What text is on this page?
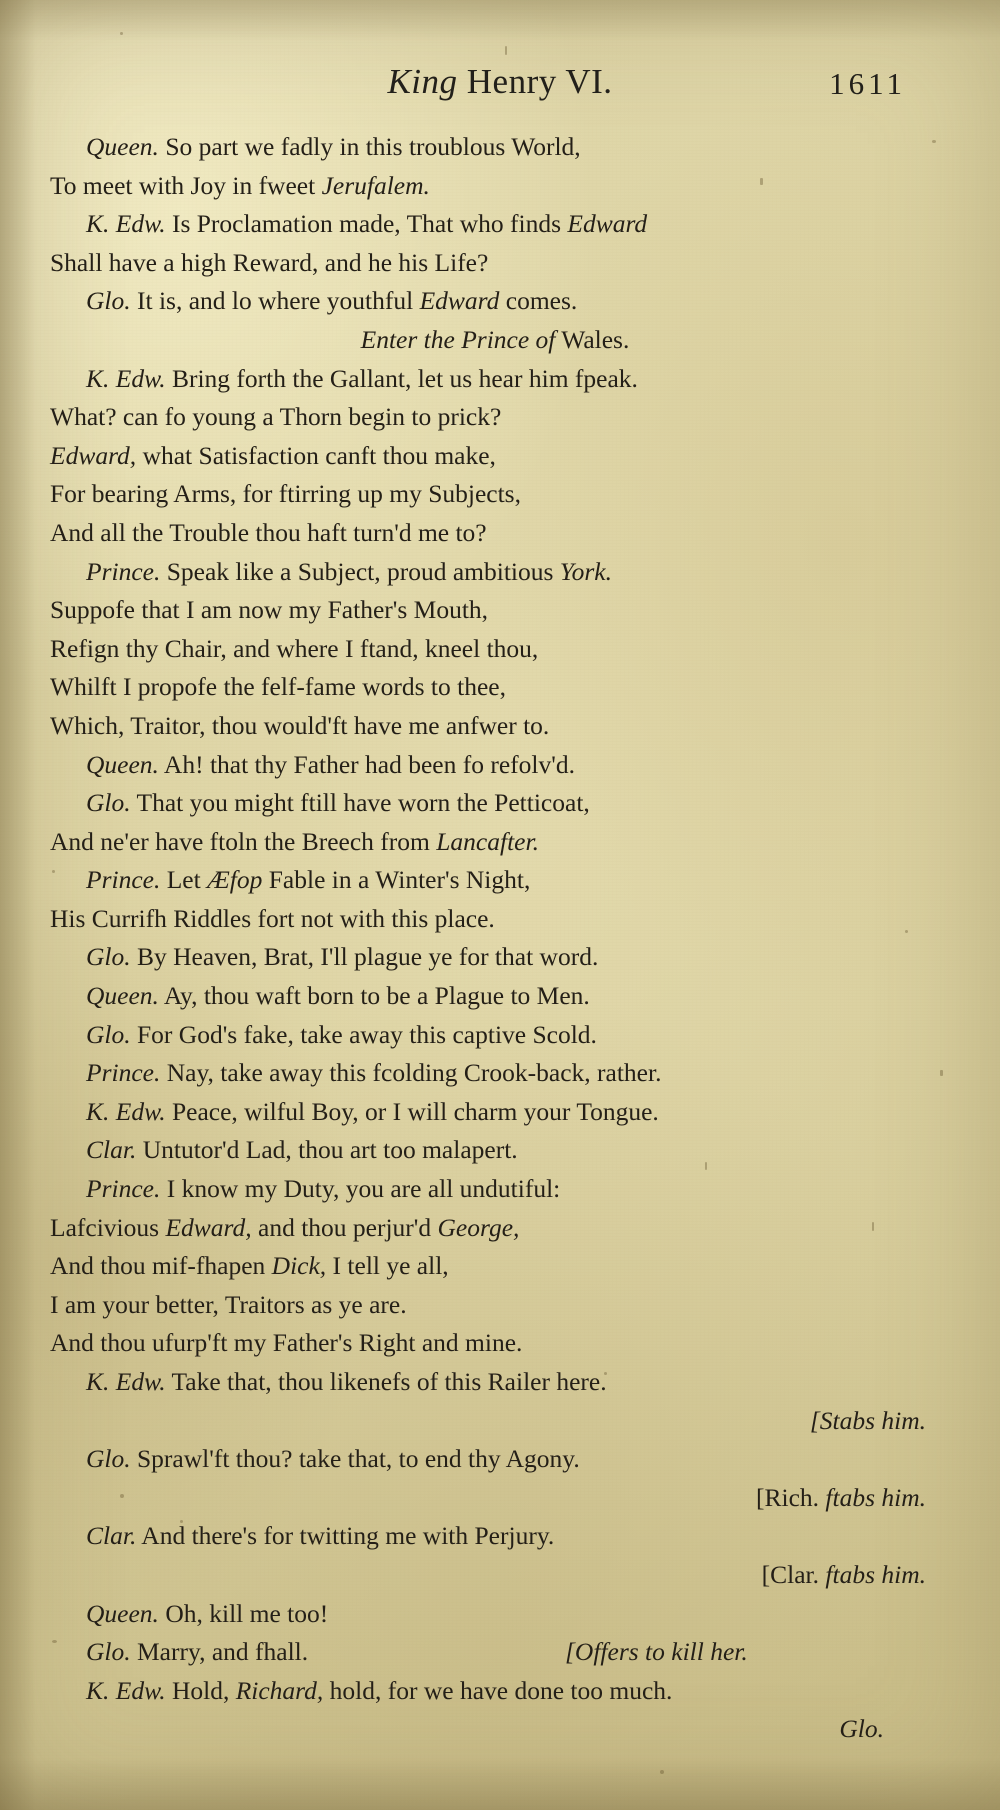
King Henry VI.	1611
Queen. So part we fadly in this troublous World,
To meet with Joy in fweet Jerufalem.
K. Edw. Is Proclamation made, That who finds Edward
Shall have a high Reward, and he his Life?
Glo. It is, and lo where youthful Edward comes.
Enter the Prince of Wales.
K. Edw. Bring forth the Gallant, let us hear him fpeak.
What? can fo young a Thorn begin to prick?
Edward, what Satisfaction canft thou make,
For bearing Arms, for ftirring up my Subjects,
And all the Trouble thou haft turn'd me to?
Prince. Speak like a Subject, proud ambitious York.
Suppofe that I am now my Father's Mouth,
Refign thy Chair, and where I ftand, kneel thou,
Whilft I propofe the felf-fame words to thee,
Which, Traitor, thou would'ft have me anfwer to.
Queen. Ah! that thy Father had been fo refolv'd.
Glo. That you might ftill have worn the Petticoat,
And ne'er have ftoln the Breech from Lancafter.
Prince. Let Æfop Fable in a Winter's Night,
His Currifh Riddles fort not with this place.
Glo. By Heaven, Brat, I'll plague ye for that word.
Queen. Ay, thou waft born to be a Plague to Men.
Glo. For God's fake, take away this captive Scold.
Prince. Nay, take away this fcolding Crook-back, rather.
K. Edw. Peace, wilful Boy, or I will charm your Tongue.
Clar. Untutor'd Lad, thou art too malapert.
Prince. I know my Duty, you are all undutiful:
Lafcivious Edward, and thou perjur'd George,
And thou mif-fhapen Dick, I tell ye all,
I am your better, Traitors as ye are.
And thou ufurp'ft my Father's Right and mine.
K. Edw. Take that, thou likenefs of this Railer here.
[Stabs him.
Glo. Sprawl'ft thou? take that, to end thy Agony.
[Rich. ftabs him.
Clar. And there's for twitting me with Perjury.
[Clar. ftabs him.
Queen. Oh, kill me too!
Glo. Marry, and fhall.	[Offers to kill her.
K. Edw. Hold, Richard, hold, for we have done too much.
Glo.
